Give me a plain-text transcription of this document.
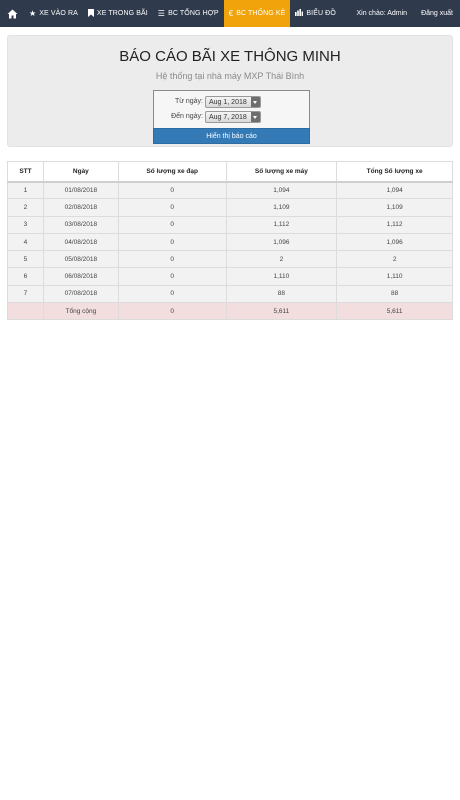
★ XE VÀO RA	XE TRONG BÃI ☰ BC TỔNG HỢP € BC THỐNG KÊ	BIỂU ĐỒ	Xin chào: Admin	Đăng xuất
BÁO CÁO BÃI XE THÔNG MINH
Hệ thống tại nhà máy MXP Thái Bình
Từ ngày: Aug 1, 2018
Đến ngày: Aug 7, 2018
Hiển thị báo cáo
STT	Ngày	Số lượng xe đạp	Số lượng xe máy	Tổng Số lượng xe
1	01/08/2018	0	1,094	1,094
2	02/08/2018	0	1,109	1,109
3	03/08/2018	0	1,112	1,112
4	04/08/2018	0	1,096	1,096
5	05/08/2018	0	2	2
6	06/08/2018	0	1,110	1,110
7	07/08/2018	0	88	88
	Tổng cộng	0	5,611	5,611
